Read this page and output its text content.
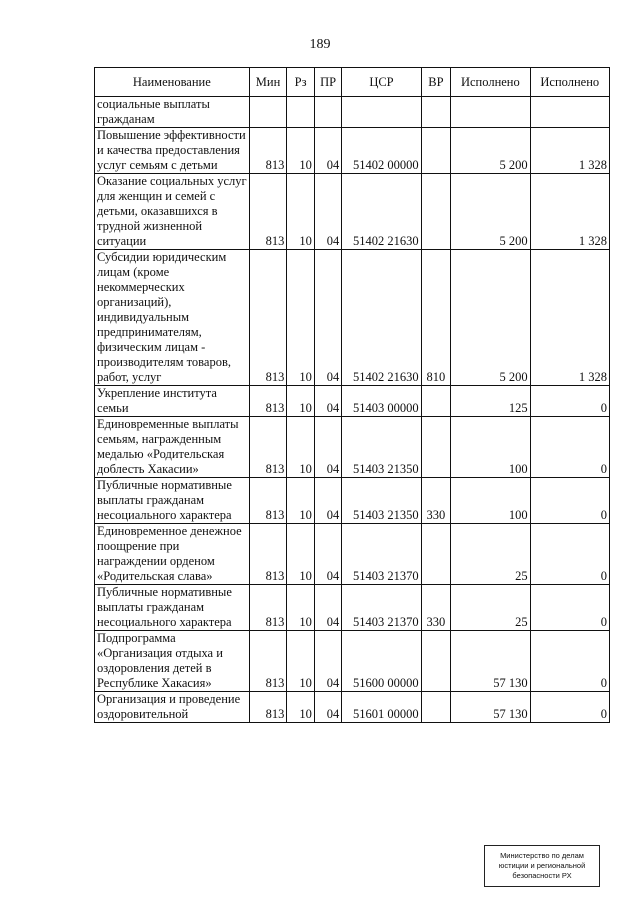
189
Наименование	Мин	Рз	ПР	ЦСР	ВР	Исполнено	Исполнено
социальные выплаты гражданам							
Повышение эффективности и качества предоставления услуг семьям с детьми	813	10	04	51402 00000		5 200	1 328
Оказание социальных услуг для женщин и семей с детьми, оказавшихся в трудной жизненной ситуации	813	10	04	51402 21630		5 200	1 328
Субсидии юридическим лицам (кроме некоммерческих организаций), индивидуальным предпринимателям, физическим лицам - производителям товаров, работ, услуг	813	10	04	51402 21630	810	5 200	1 328
Укрепление института семьи	813	10	04	51403 00000		125	0
Единовременные выплаты семьям, награжденным медалью «Родительская доблесть Хакасии»	813	10	04	51403 21350		100	0
Публичные нормативные выплаты гражданам несоциального характера	813	10	04	51403 21350	330	100	0
Единовременное денежное поощрение при награждении орденом «Родительская слава»	813	10	04	51403 21370		25	0
Публичные нормативные выплаты гражданам несоциального характера	813	10	04	51403 21370	330	25	0
Подпрограмма «Организация отдыха и оздоровления детей в Республике Хакасия»	813	10	04	51600 00000		57 130	0
Организация и проведение оздоровительной	813	10	04	51601 00000		57 130	0
Министерство по делам
юстиции и региональной
безопасности РХ
